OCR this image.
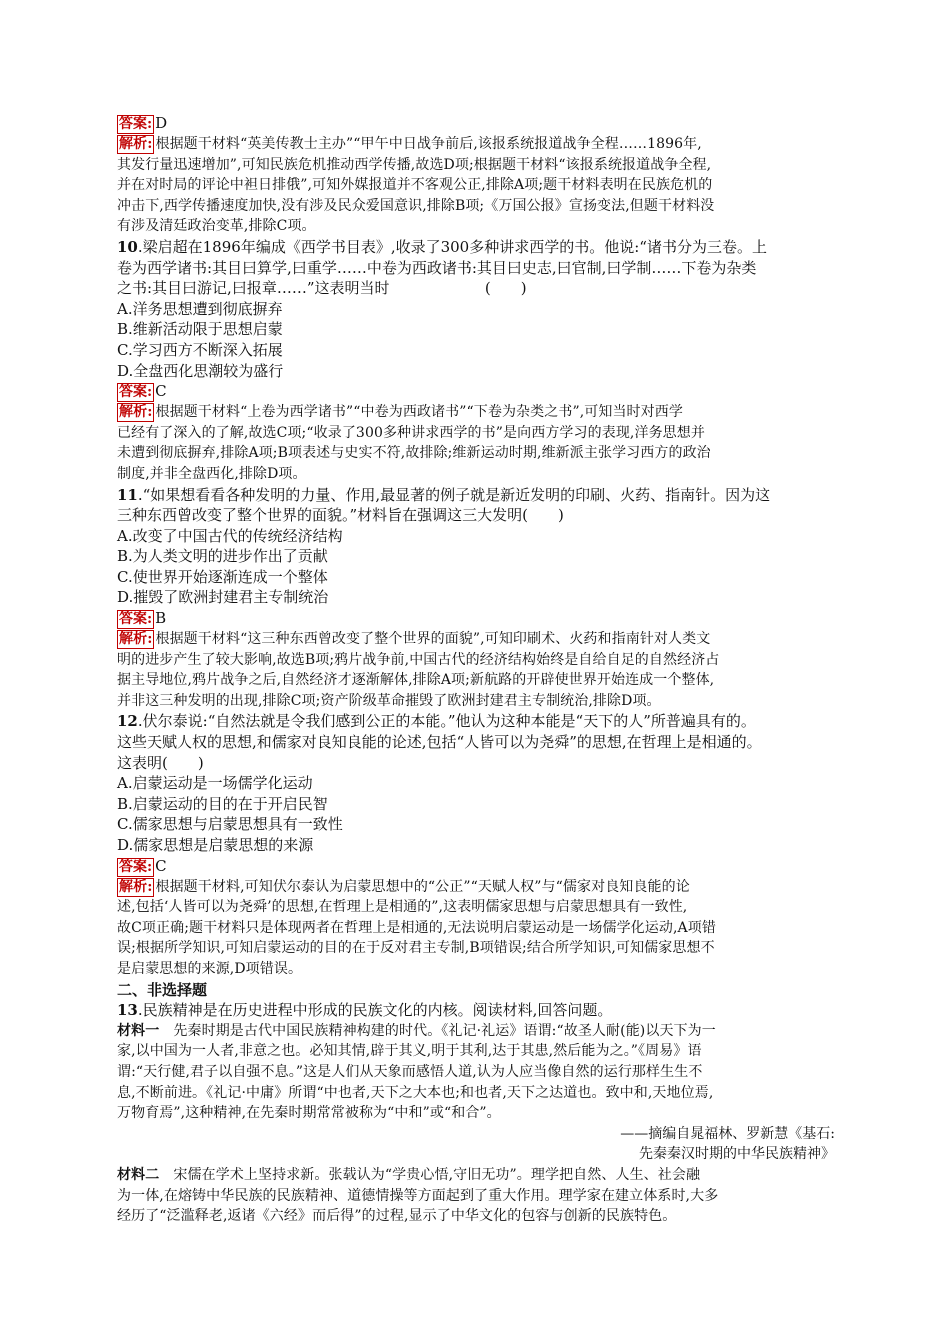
答案: D
解析: 根据题干材料“英美传教士主办”“甲午中日战争前后,该报系统报道战争全程……1896年,
其发行量迅速增加”,可知民族危机推动西学传播,故选D项;根据题干材料“该报系统报道战争全程,
并在对时局的评论中袒日排俄”,可知外媒报道并不客观公正,排除A项;题干材料表明在民族危机的
冲击下,西学传播速度加快,没有涉及民众爱国意识,排除B项;《万国公报》宣扬变法,但题干材料没
有涉及清廷政治变革,排除C项。
10.梁启超在1896年编成《西学书目表》,收录了300多种讲求西学的书。他说:“诸书分为三卷。上
卷为西学诸书:其目曰算学,曰重学……中卷为西政诸书:其目曰史志,曰官制,曰学制……下卷为杂类
之书:其目曰游记,曰报章……”这表明当时                    (　　)
A.洋务思想遭到彻底摒弃
B.维新活动限于思想启蒙
C.学习西方不断深入拓展
D.全盘西化思潮较为盛行
答案: C
解析: 根据题干材料“上卷为西学诸书”“中卷为西政诸书”“下卷为杂类之书”,可知当时对西学
已经有了深入的了解,故选C项;“收录了300多种讲求西学的书”是向西方学习的表现,洋务思想并
未遭到彻底摒弃,排除A项;B项表述与史实不符,故排除;维新运动时期,维新派主张学习西方的政治
制度,并非全盘西化,排除D项。
11.“如果想看看各种发明的力量、作用,最显著的例子就是新近发明的印刷、火药、指南针。因为这
三种东西曾改变了整个世界的面貌。”材料旨在强调这三大发明(　　)
A.改变了中国古代的传统经济结构
B.为人类文明的进步作出了贡献
C.使世界开始逐渐连成一个整体
D.摧毁了欧洲封建君主专制统治
答案: B
解析: 根据题干材料“这三种东西曾改变了整个世界的面貌”,可知印刷术、火药和指南针对人类文
明的进步产生了较大影响,故选B项;鸦片战争前,中国古代的经济结构始终是自给自足的自然经济占
据主导地位,鸦片战争之后,自然经济才逐渐解体,排除A项;新航路的开辟使世界开始连成一个整体,
并非这三种发明的出现,排除C项;资产阶级革命摧毁了欧洲封建君主专制统治,排除D项。
12.伏尔泰说:“自然法就是令我们感到公正的本能。”他认为这种本能是“天下的人”所普遍具有的。
这些天赋人权的思想,和儒家对良知良能的论述,包括“人皆可以为尧舜”的思想,在哲理上是相通的。
这表明(　　)
A.启蒙运动是一场儒学化运动
B.启蒙运动的目的在于开启民智
C.儒家思想与启蒙思想具有一致性
D.儒家思想是启蒙思想的来源
答案: C
解析: 根据题干材料,可知伏尔泰认为启蒙思想中的“公正”“天赋人权”与“儒家对良知良能的论
述,包括‘人皆可以为尧舜’的思想,在哲理上是相通的”,这表明儒家思想与启蒙思想具有一致性,
故C项正确;题干材料只是体现两者在哲理上是相通的,无法说明启蒙运动是一场儒学化运动,A项错
误;根据所学知识,可知启蒙运动的目的在于反对君主专制,B项错误;结合所学知识,可知儒家思想不
是启蒙思想的来源,D项错误。
二、非选择题
13.民族精神是在历史进程中形成的民族文化的内核。阅读材料,回答问题。
材料一　先秦时期是古代中国民族精神构建的时代。《礼记·礼运》语谓:“故圣人耐(能)以天下为一
家,以中国为一人者,非意之也。必知其情,辟于其义,明于其利,达于其患,然后能为之。”《周易》语
谓:“天行健,君子以自强不息。”这是人们从天象而感悟人道,认为人应当像自然的运行那样生生不
息,不断前进。《礼记·中庸》所谓“中也者,天下之大本也;和也者,天下之达道也。致中和,天地位焉,
万物育焉”,这种精神,在先秦时期常常被称为“中和”或“和合”。
——摘编自晁福林、罗新慧《基石:
先秦秦汉时期的中华民族精神》
材料二　宋儒在学术上坚持求新。张载认为“学贵心悟,守旧无功”。理学把自然、人生、社会融
为一体,在熔铸中华民族的民族精神、道德情操等方面起到了重大作用。理学家在建立体系时,大多
经历了“泛滥释老,返诸《六经》而后得”的过程,显示了中华文化的包容与创新的民族特色。
